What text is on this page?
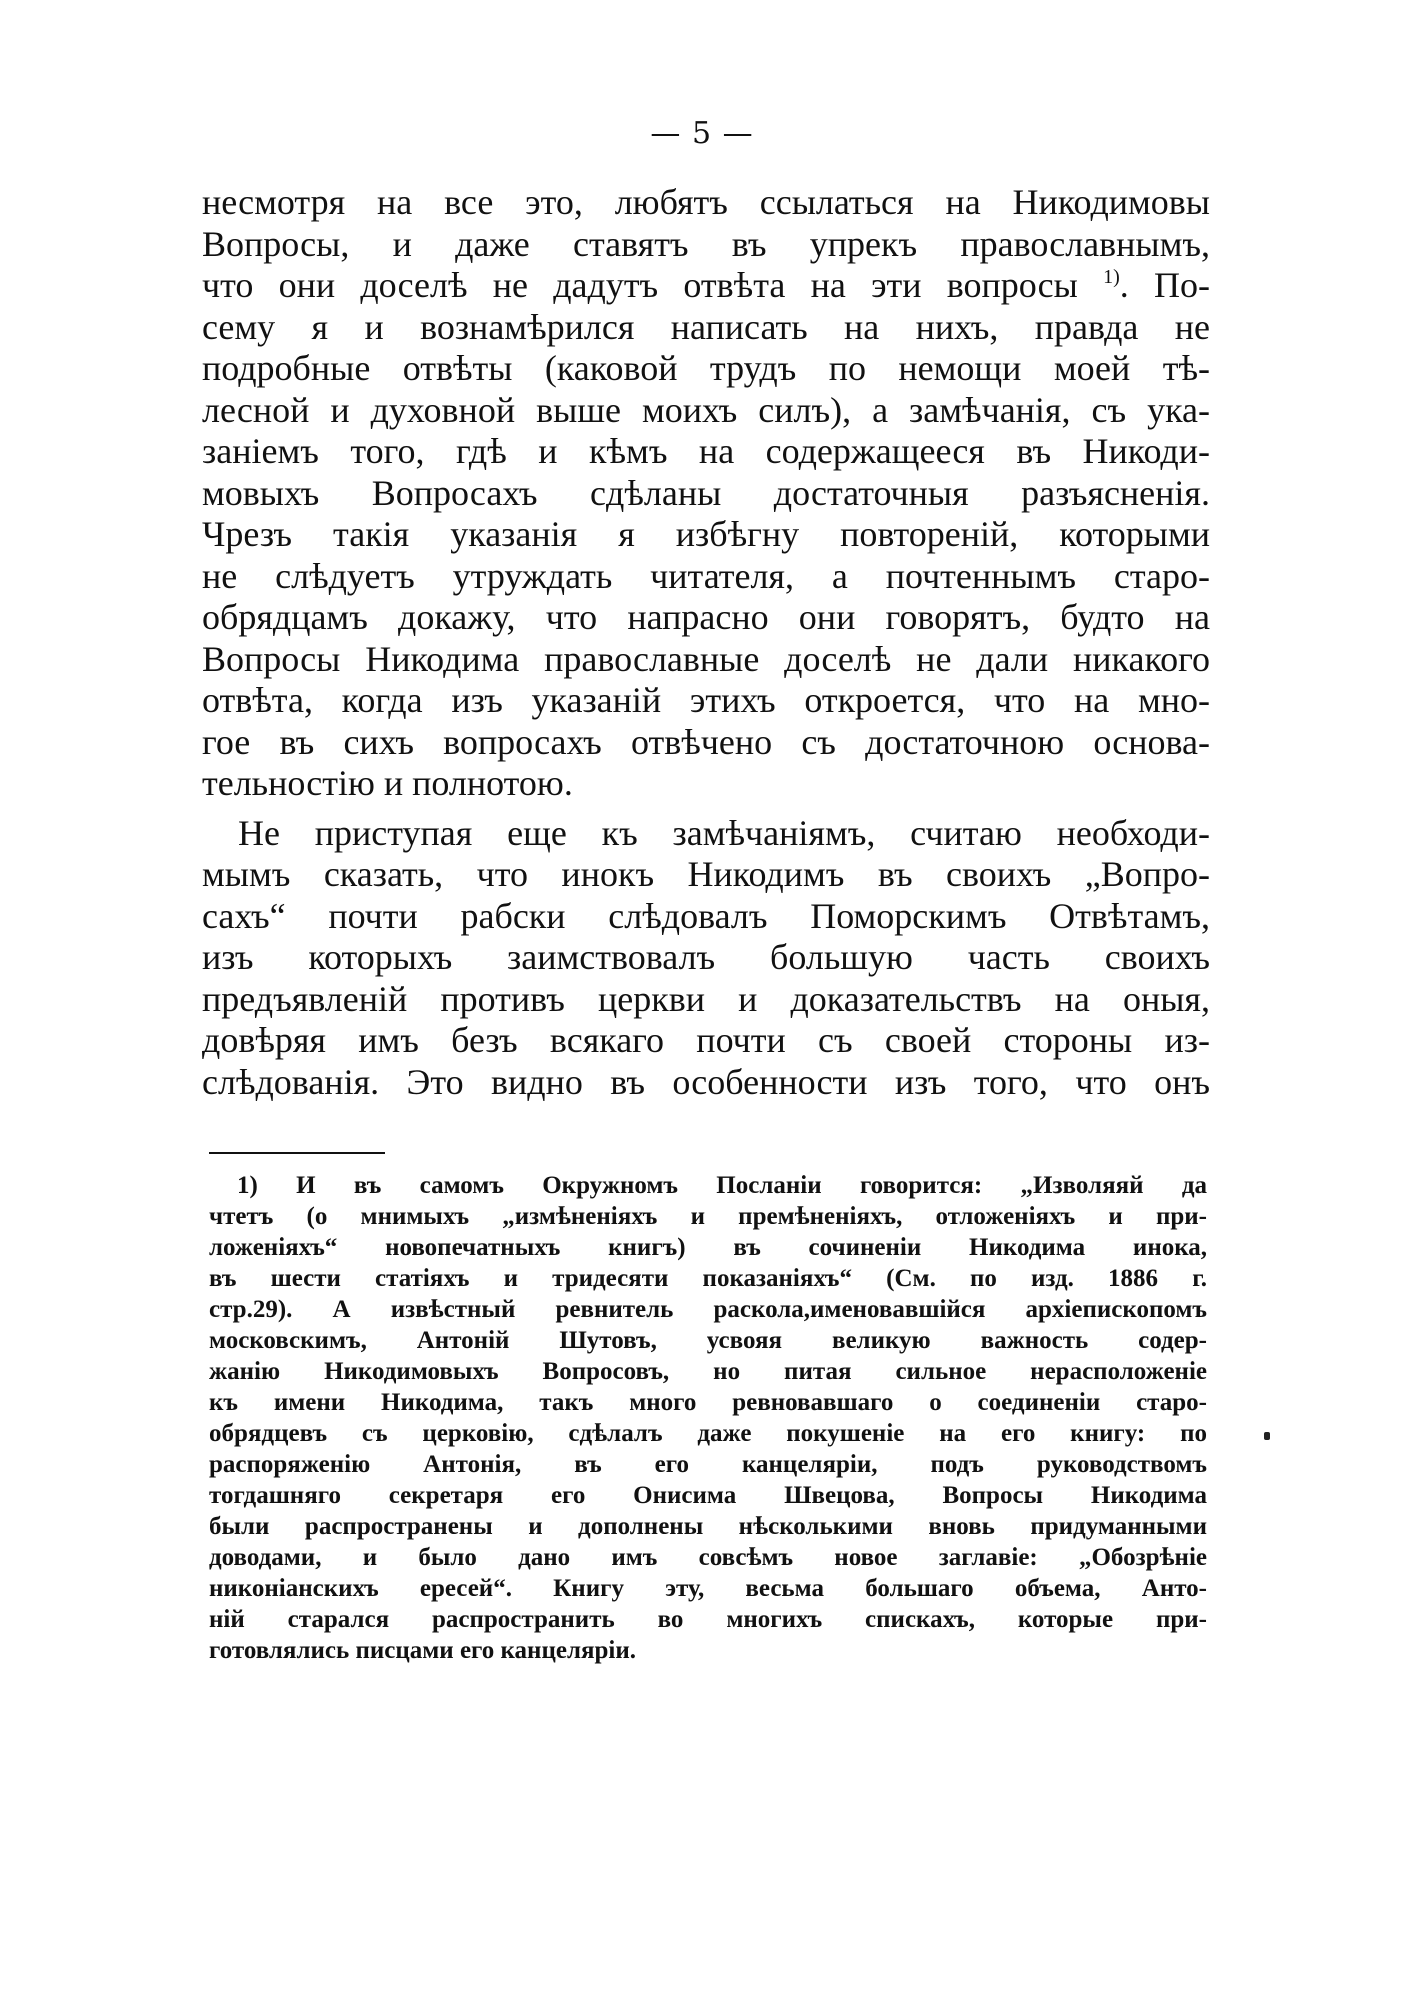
— 5 —
несмотря на все это, любятъ ссылаться на Никодимовы
Вопросы, и даже ставятъ въ упрекъ православнымъ,
что они доселѣ не дадутъ отвѣта на эти вопросы $^{1)}$. По-
сему я и вознамѣрился написать на нихъ, правда не
подробные отвѣты (каковой трудъ по немощи моей тѣ-
лесной и духовной выше моихъ силъ), а замѣчанія, съ ука-
заніемъ того, гдѣ и кѣмъ на содержащееся въ Никоди-
мовыхъ Вопросахъ сдѣланы достаточныя разъясненія.
Чрезъ такія указанія я избѣгну повтореній, которыми
не слѣдуетъ утруждать читателя, а почтеннымъ старо-
обрядцамъ докажу, что напрасно они говорятъ, будто на
Вопросы Никодима православные доселѣ не дали никакого
отвѣта, когда изъ указаній этихъ откроется, что на мно-
гое въ сихъ вопросахъ отвѣчено съ достаточною основа-
тельностію и полнотою.
Не приступая еще къ замѣчаніямъ, считаю необходи-
мымъ сказать, что инокъ Никодимъ въ своихъ „Вопро-
сахъ“ почти рабски слѣдовалъ Поморскимъ Отвѣтамъ,
изъ которыхъ заимствовалъ большую часть своихъ
предъявленій противъ церкви и доказательствъ на оныя,
довѣряя имъ безъ всякаго почти съ своей стороны из-
слѣдованія. Это видно въ особенности изъ того, что онъ
1) И въ самомъ Окружномъ Посланіи говорится: „Изволяяй да
чтетъ (о мнимыхъ „измѣненіяхъ и премѣненіяхъ, отложеніяхъ и при-
ложеніяхъ“ новопечатныхъ книгъ) въ сочиненіи Никодима инока,
въ шести статіяхъ и тридесяти показаніяхъ“ (См. по изд. 1886 г.
стр.29). А извѣстный ревнитель раскола,именовавшійся архіепископомъ
московскимъ, Антоній Шутовъ, усвояя великую важность содер-
жанію Никодимовыхъ Вопросовъ, но питая сильное нерасположеніе
къ имени Никодима, такъ много ревновавшаго о соединеніи старо-
обрядцевъ съ церковію, сдѣлалъ даже покушеніе на его книгу: по
распоряженію Антонія, въ его канцеляріи, подъ руководствомъ
тогдашняго секретаря его Онисима Швецова, Вопросы Никодима
были распространены и дополнены нѣсколькими вновь придуманными
доводами, и было дано имъ совсѣмъ новое заглавіе: „Обозрѣніе
никоніанскихъ ересей“. Книгу эту, весьма большаго объема, Анто-
ній старался распространить во многихъ спискахъ, которые при-
готовлялись писцами его канцеляріи.
